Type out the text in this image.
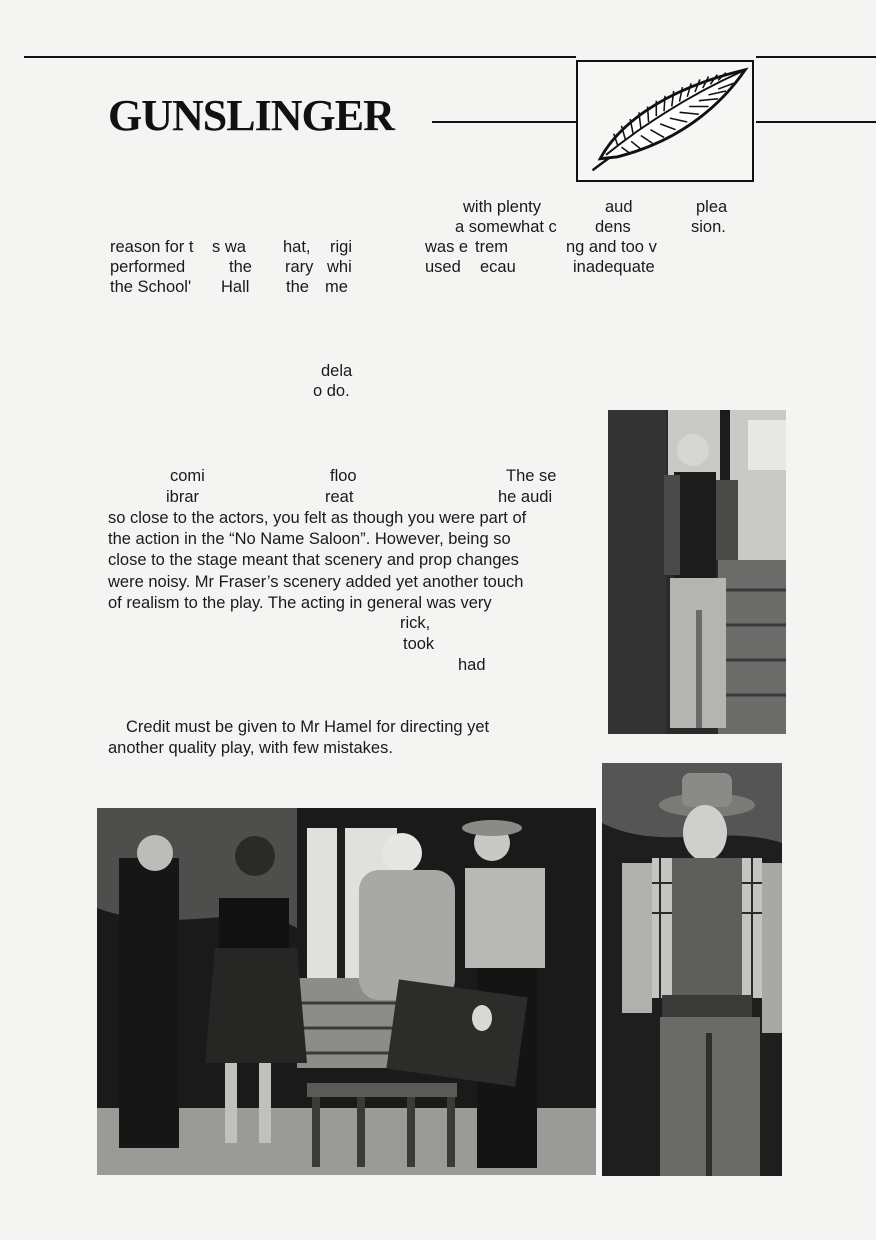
GUNSLINGER
with plenty	aud	plea
a somewhat c dens	sion.
reason for t s wa hat, rigi	was e trem	ng and too v
performed	the rary whi	used ecau	inadequate
the School' Hall the me
dela
o do.
comi	floo	The se
ibrar	reat	he audi
so close to the actors, you felt as though you were part of
the action in the “No Name Saloon”. However, being so
close to the stage meant that scenery and prop changes
were noisy. Mr Fraser’s scenery added yet another touch
of realism to the play. The acting in general was very
rick,
took
had
Credit must be given to Mr Hamel for directing yet
another quality play, with few mistakes.
